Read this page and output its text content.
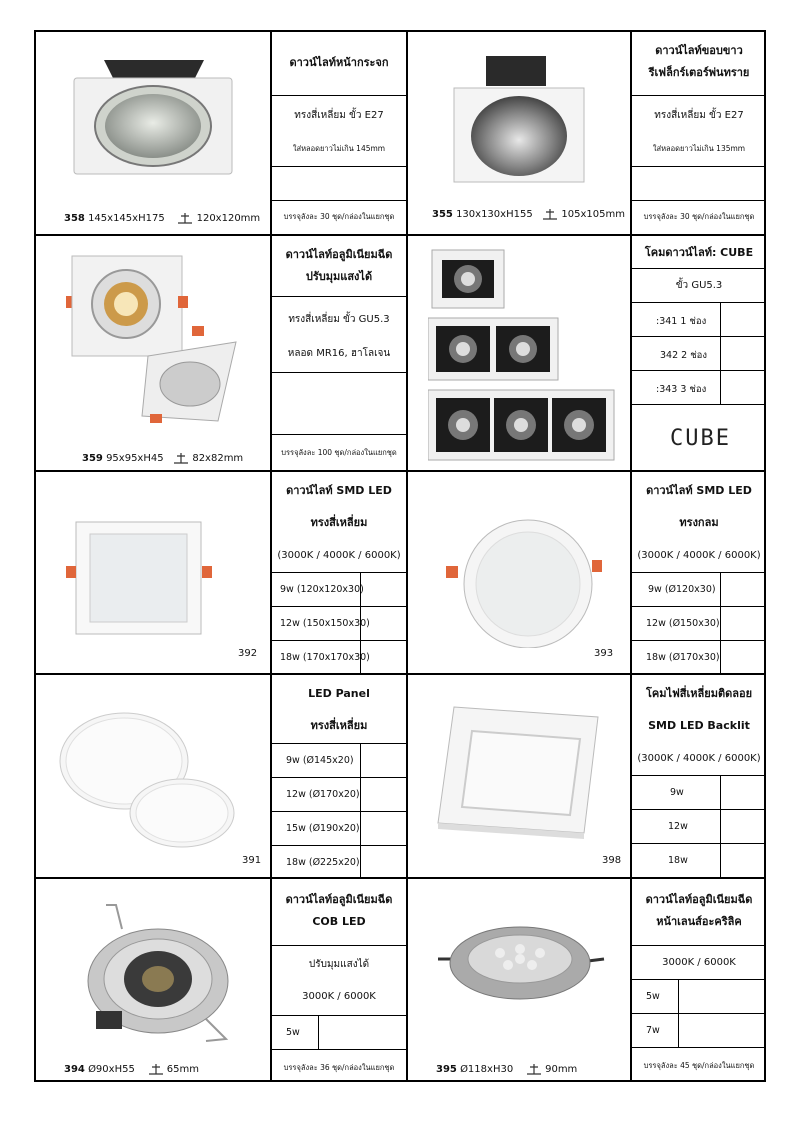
358 145x145xH175	120x120mm
ดาวน์ไลท์หน้ากระจก
ทรงสี่เหลี่ยม ขั้ว E27
ใส่หลอดยาวไม่เกิน 145mm
บรรจุลังละ 30 ชุด/กล่องในแยกชุด	355 130x130xH155	105x105mm
ดาวน์ไลท์ขอบขาว
รีเฟล็กร์เตอร์พ่นทราย
ทรงสี่เหลี่ยม ขั้ว E27
ใส่หลอดยาวไม่เกิน 135mm
บรรจุลังละ 30 ชุด/กล่องในแยกชุด
359 95x95xH45	82x82mm
ดาวน์ไลท์อลูมิเนียมฉีด
ปรับมุมแสงได้
ทรงสี่เหลี่ยม ขั้ว GU5.3
หลอด MR16, ฮาโลเจน
บรรจุลังละ 100 ชุด/กล่องในแยกชุด
โคมดาวน์ไลท์: CUBE
ขั้ว GU5.3
:341 1 ช่อง
342 2 ช่อง
:343 3 ช่อง
CUBE
392
ดาวน์ไลท์ SMD LED
ทรงสี่เหลี่ยม
(3000K / 4000K / 6000K)
9w (120x120x30)
12w (150x150x30)
18w (170x170x30)	393
ดาวน์ไลท์ SMD LED
ทรงกลม
(3000K / 4000K / 6000K)
9w (Ø120x30)
12w (Ø150x30)
18w (Ø170x30)
391
LED Panel
ทรงสี่เหลี่ยม
9w (Ø145x20)
12w (Ø170x20)
15w (Ø190x20)
18w (Ø225x20)	398
โคมไฟสี่เหลี่ยมติดลอย
SMD LED Backlit
(3000K / 4000K / 6000K)
9w
12w
18w
394 Ø90xH55	65mm
ดาวน์ไลท์อลูมิเนียมฉีด
COB LED
ปรับมุมแสงได้
3000K / 6000K
5w
บรรจุลังละ 36 ชุด/กล่องในแยกชุด	395 Ø118xH30	90mm
ดาวน์ไลท์อลูมิเนียมฉีด
หน้าเลนส์อะคริลิค
3000K / 6000K
5w
7w
บรรจุลังละ 45 ชุด/กล่องในแยกชุด
